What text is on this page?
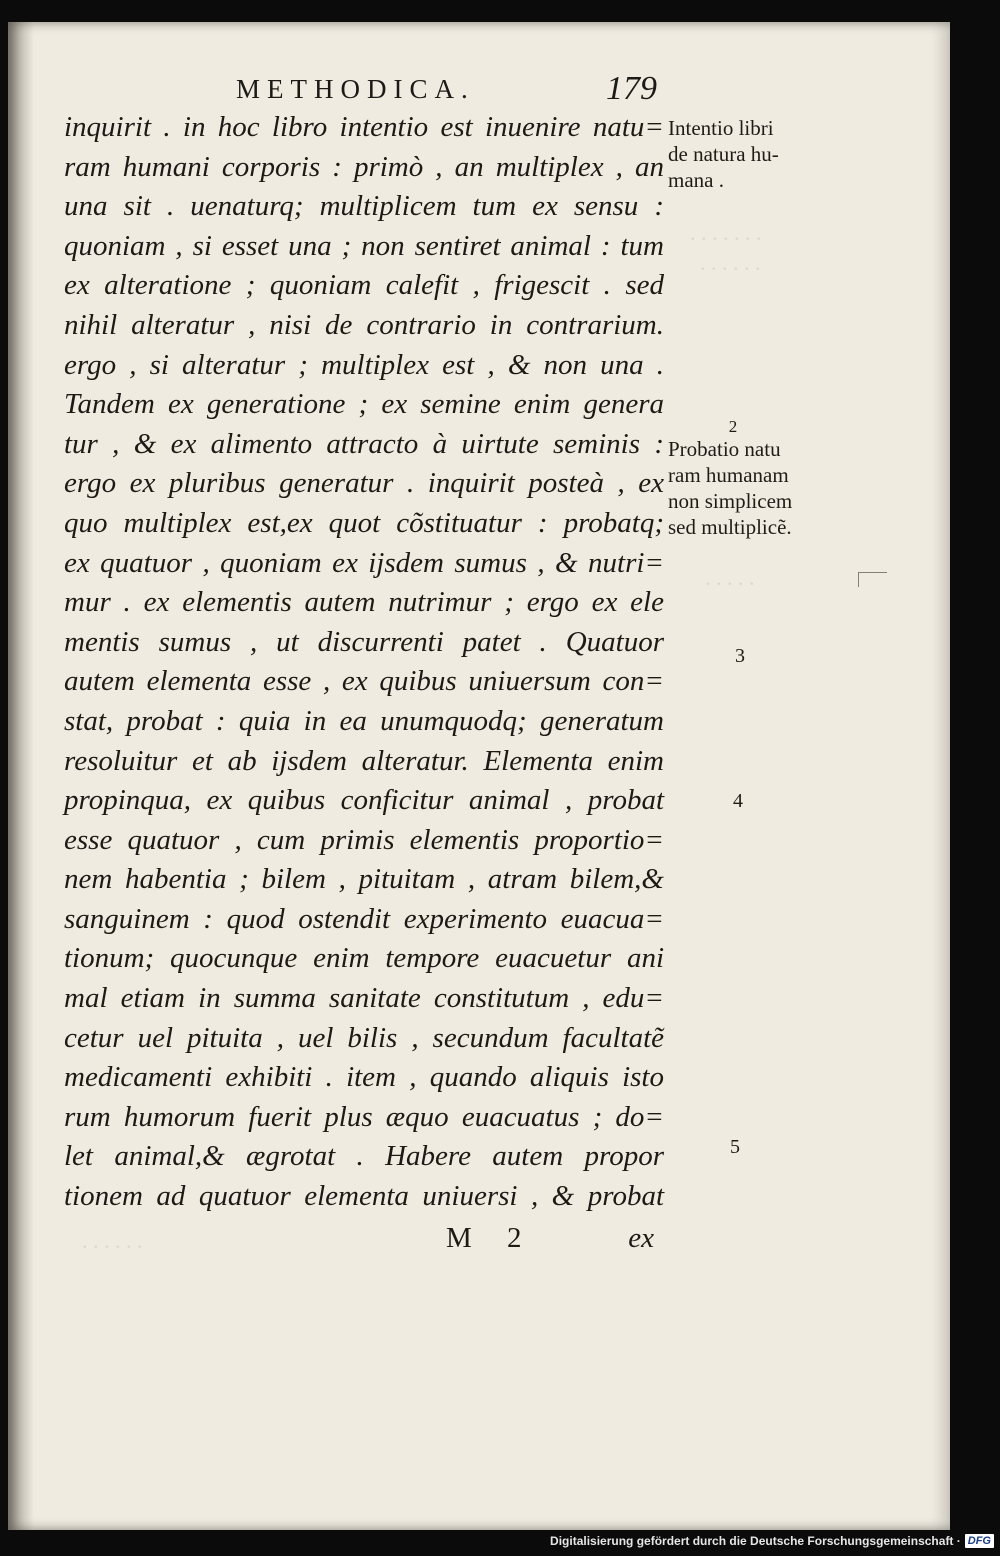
. . . . . . .
. . . . . .
. . . . .
. . . . . .
METHODICA.	179
inquirit . in hoc libro intentio est inuenire natu=
ram humani corporis : primò , an multiplex , an
una sit . uenaturq; multiplicem tum ex sensu :
quoniam , si esset una ; non sentiret animal : tum
ex alteratione ; quoniam calefit , frigescit . sed
nihil alteratur , nisi de contrario in contrarium.
ergo , si alteratur ; multiplex est , & non una .
Tandem ex generatione ; ex semine enim genera
tur , & ex alimento attracto à uirtute seminis :
ergo ex pluribus generatur . inquirit posteà , ex
quo multiplex est,ex quot cõstituatur : probatq;
ex quatuor , quoniam ex ijsdem sumus , & nutri=
mur . ex elementis autem nutrimur ; ergo ex ele
mentis sumus , ut discurrenti patet . Quatuor
autem elementa esse , ex quibus uniuersum con=
stat, probat : quia in ea unumquodq; generatum
resoluitur et ab ijsdem alteratur. Elementa enim
propinqua, ex quibus conficitur animal , probat
esse quatuor , cum primis elementis proportio=
nem habentia ; bilem , pituitam , atram bilem,&
sanguinem : quod ostendit experimento euacua=
tionum; quocunque enim tempore euacuetur ani
mal etiam in summa sanitate constitutum , edu=
cetur uel pituita , uel bilis , secundum facultatẽ
medicamenti exhibiti . item , quando aliquis isto
rum humorum fuerit plus æquo euacuatus ; do=
let animal,& ægrotat . Habere autem propor
tionem ad quatuor elementa uniuersi , & probat
M 2	ex
Intentio libri
de natura hu-
mana .
2
Probatio natu
ram humanam
non simplicem
sed multiplicẽ.
3
4
5
Digitalisierung gefördert durch die Deutsche Forschungsgemeinschaft · DFG
